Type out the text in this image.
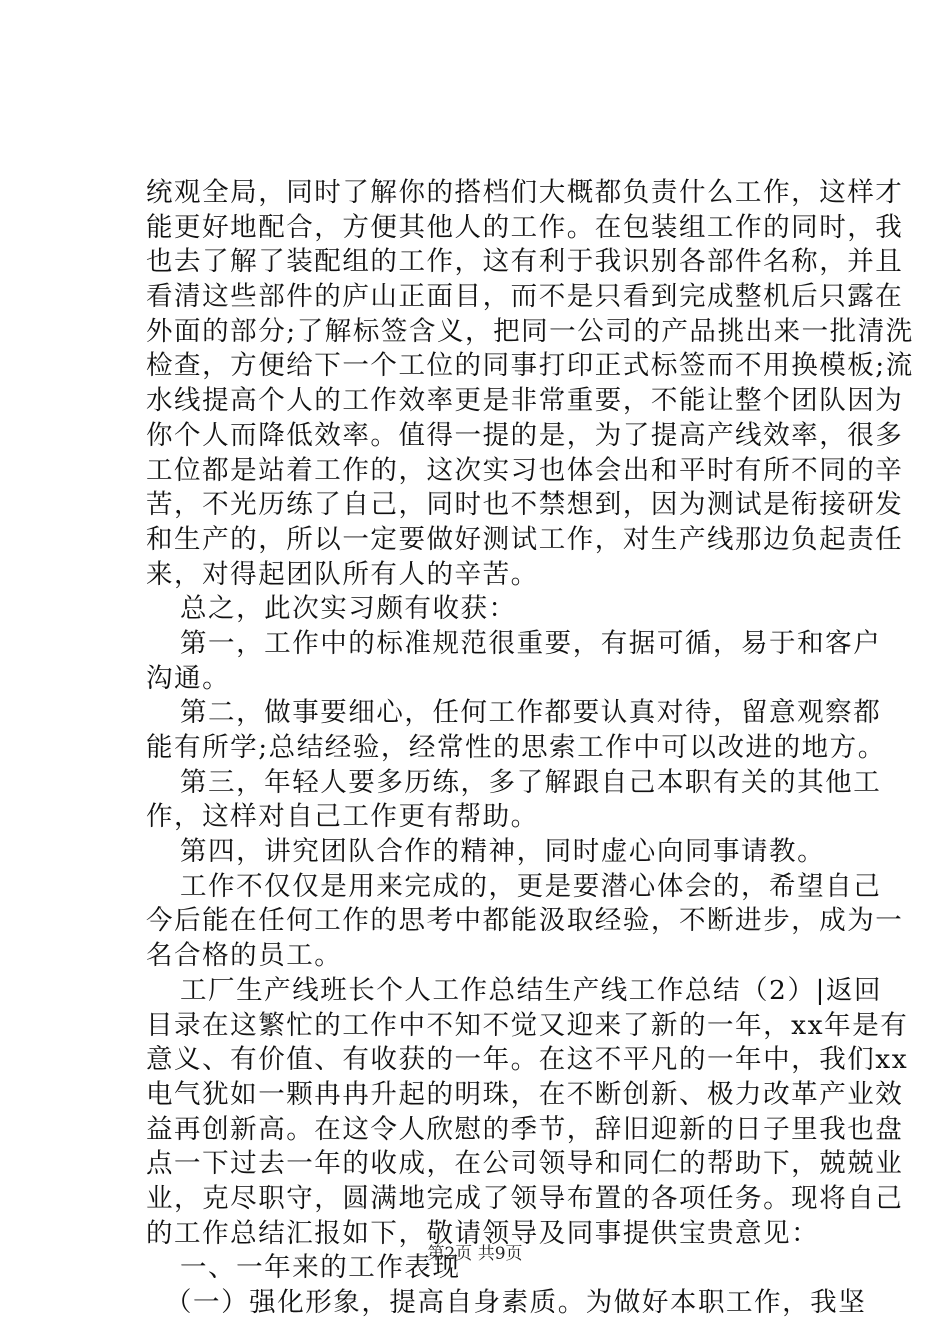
统观全局，同时了解你的搭档们大概都负责什么工作，这样才
能更好地配合，方便其他人的工作。在包装组工作的同时，我
也去了解了装配组的工作，这有利于我识别各部件名称，并且
看清这些部件的庐山正面目，而不是只看到完成整机后只露在
外面的部分;了解标签含义，把同一公司的产品挑出来一批清洗
检查，方便给下一个工位的同事打印正式标签而不用换模板;流
水线提高个人的工作效率更是非常重要，不能让整个团队因为
你个人而降低效率。值得一提的是，为了提高产线效率，很多
工位都是站着工作的，这次实习也体会出和平时有所不同的辛
苦，不光历练了自己，同时也不禁想到，因为测试是衔接研发
和生产的，所以一定要做好测试工作，对生产线那边负起责任
来，对得起团队所有人的辛苦。
总之，此次实习颇有收获：
第一，工作中的标准规范很重要，有据可循，易于和客户
沟通。
第二，做事要细心，任何工作都要认真对待，留意观察都
能有所学;总结经验，经常性的思索工作中可以改进的地方。
第三，年轻人要多历练，多了解跟自己本职有关的其他工
作，这样对自己工作更有帮助。
第四，讲究团队合作的精神，同时虚心向同事请教。
工作不仅仅是用来完成的，更是要潜心体会的，希望自己
今后能在任何工作的思考中都能汲取经验，不断进步，成为一
名合格的员工。
工厂生产线班长个人工作总结生产线工作总结（2）|返回
目录在这繁忙的工作中不知不觉又迎来了新的一年，xx年是有
意义、有价值、有收获的一年。在这不平凡的一年中，我们xx
电气犹如一颗冉冉升起的明珠，在不断创新、极力改革产业效
益再创新高。在这令人欣慰的季节，辞旧迎新的日子里我也盘
点一下过去一年的收成，在公司领导和同仁的帮助下，兢兢业
业，克尽职守，圆满地完成了领导布置的各项任务。现将自己
的工作总结汇报如下，敬请领导及同事提供宝贵意见：
一、一年来的工作表现
（一）强化形象，提高自身素质。为做好本职工作，我坚
第2页 共9页
